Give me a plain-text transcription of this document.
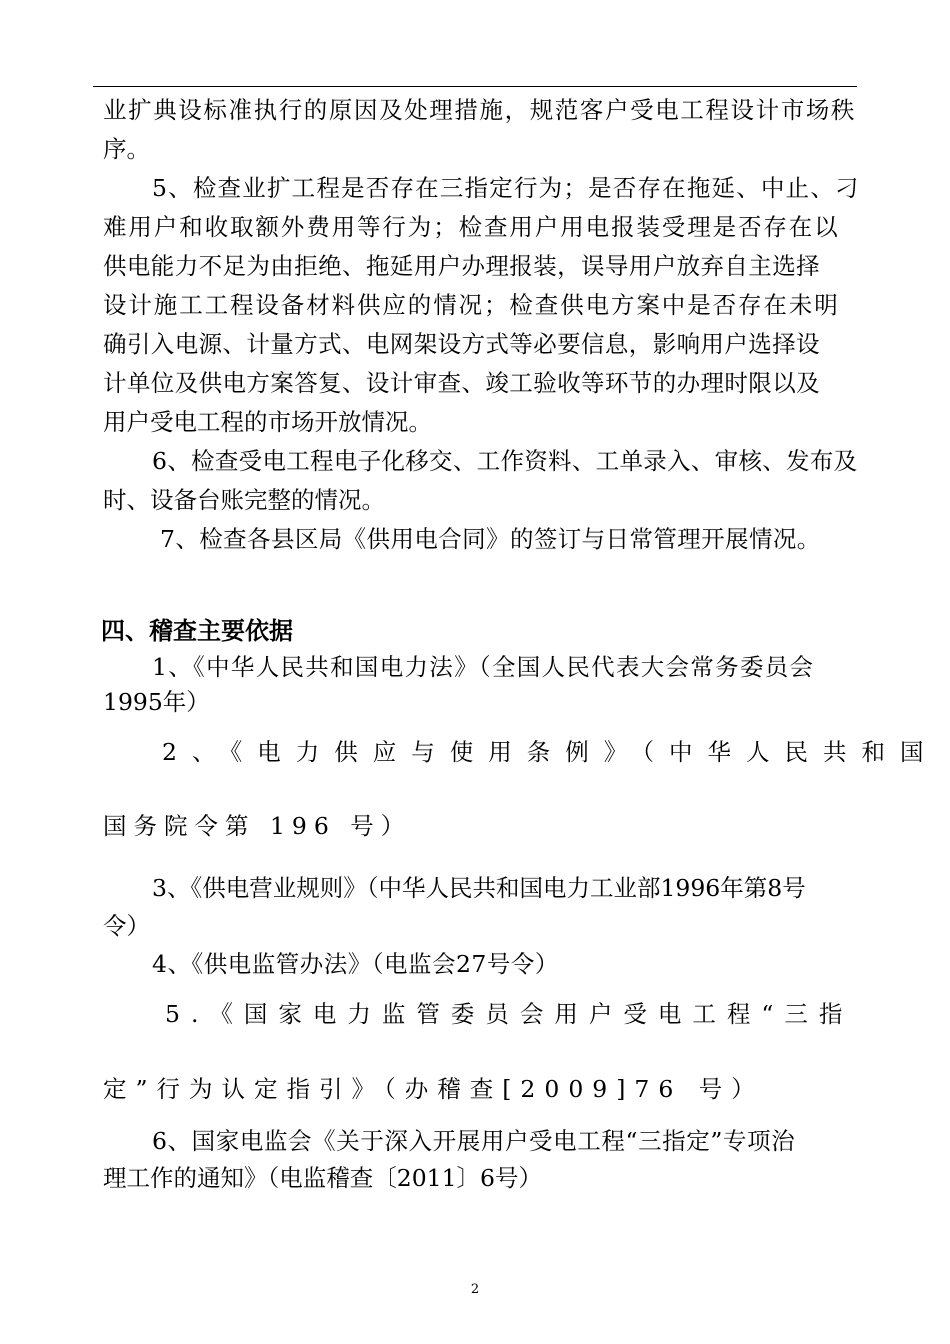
业扩典设标准执行的原因及处理措施，规范客户受电工程设计市场秩
序。
5、检查业扩工程是否存在三指定行为；是否存在拖延、中止、刁
难用户和收取额外费用等行为；检查用户用电报装受理是否存在以
供电能力不足为由拒绝、拖延用户办理报装，误导用户放弃自主选择
设计施工工程设备材料供应的情况；检查供电方案中是否存在未明
确引入电源、计量方式、电网架设方式等必要信息，影响用户选择设
计单位及供电方案答复、设计审查、竣工验收等环节的办理时限以及
用户受电工程的市场开放情况。
6、检查受电工程电子化移交、工作资料、工单录入、审核、发布及
时、设备台账完整的情况。
7、检查各县区局《供用电合同》的签订与日常管理开展情况。
四、稽查主要依据
1、《中华人民共和国电力法》（全国人民代表大会常务委员会
1995年）
2、《电力供应与使用条例》（中华人民共和国
国务院令第 196 号）
3、《供电营业规则》（中华人民共和国电力工业部1996年第8号
令）
4、《供电监管办法》（电监会27号令）
5.《国家电力监管委员会用户受电工程“三指
定”行为认定指引》（办稽查[2009]76 号）
6、国家电监会《关于深入开展用户受电工程“三指定”专项治
理工作的通知》（电监稽查〔2011〕6号）
2
